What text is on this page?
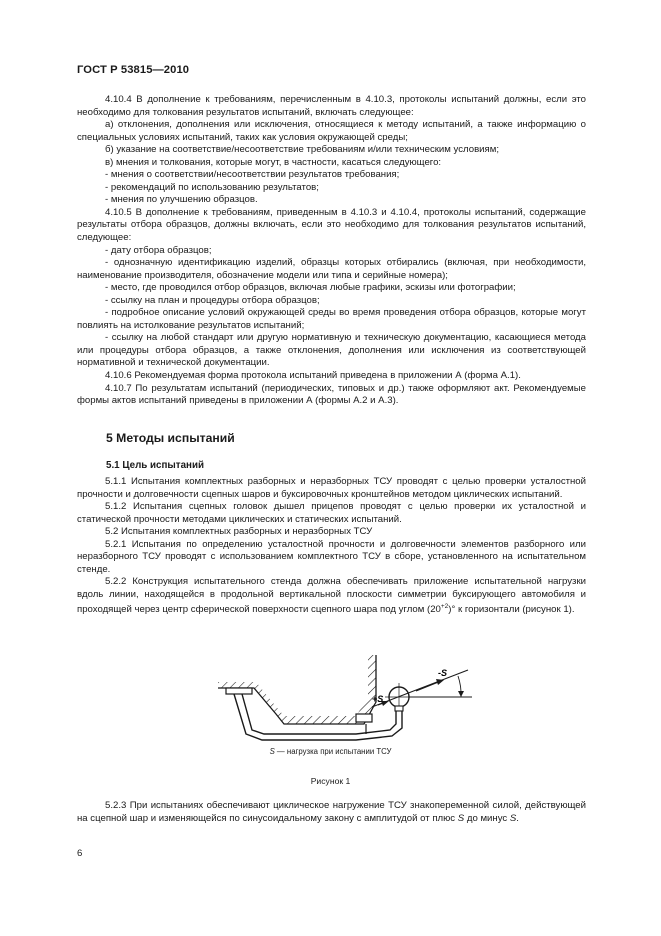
ГОСТ Р 53815—2010

4.10.4 В дополнение к требованиям, перечисленным в 4.10.3, протоколы испытаний должны, если это необходимо для толкования результатов испытаний, включать следующее:

а) отклонения, дополнения или исключения, относящиеся к методу испытаний, а также информацию о специальных условиях испытаний, таких как условия окружающей среды;

б) указание на соответствие/несоответствие требованиям и/или техническим условиям;

в) мнения и толкования, которые могут, в частности, касаться следующего:

- мнения о соответствии/несоответствии результатов требования;

- рекомендаций по использованию результатов;

- мнения по улучшению образцов.

4.10.5 В дополнение к требованиям, приведенным в 4.10.3 и 4.10.4, протоколы испытаний, содержащие результаты отбора образцов, должны включать, если это необходимо для толкования результатов испытаний, следующее:

- дату отбора образцов;

- однозначную идентификацию изделий, образцы которых отбирались (включая, при необходимости, наименование производителя, обозначение модели или типа и серийные номера);

- место, где проводился отбор образцов, включая любые графики, эскизы или фотографии;

- ссылку на план и процедуры отбора образцов;

- подробное описание условий окружающей среды во время проведения отбора образцов, которые могут повлиять на истолкование результатов испытаний;

- ссылку на любой стандарт или другую нормативную и техническую документацию, касающиеся метода или процедуры отбора образцов, а также отклонения, дополнения или исключения из соответствующей нормативной и технической документации.

4.10.6 Рекомендуемая форма протокола испытаний приведена в приложении А (форма А.1).

4.10.7 По результатам испытаний (периодических, типовых и др.) также оформляют акт. Рекомендуемые формы актов испытаний приведены в приложении А (формы А.2 и А.3).

5 Методы испытаний
5.1 Цель испытаний

5.1.1 Испытания комплектных разборных и неразборных ТСУ проводят с целью проверки усталостной прочности и долговечности сцепных шаров и буксировочных кронштейнов методом циклических испытаний.

5.1.2 Испытания сцепных головок дышел прицепов проводят с целью проверки их усталостной и статической прочности методами циклических и статических испытаний.

5.2 Испытания комплектных разборных и неразборных ТСУ

5.2.1 Испытания по определению усталостной прочности и долговечности элементов разборного или неразборного ТСУ проводят с использованием комплектного ТСУ в сборе, установленного на испытательном стенде.

5.2.2 Конструкция испытательного стенда должна обеспечивать приложение испытательной нагрузки вдоль линии, находящейся в продольной вертикальной плоскости симметрии буксирующего автомобиля и проходящей через центр сферической поверхности сцепного шара под углом $(20^{+2})^\circ$ к горизонтали (рисунок 1).

-S
+S
S — нагрузка при испытании ТСУ
Рисунок 1

5.2.3 При испытаниях обеспечивают циклическое нагружение ТСУ знакопеременной силой, действующей на сцепной шар и изменяющейся по синусоидальному закону с амплитудой от плюс S до минус S.

6
